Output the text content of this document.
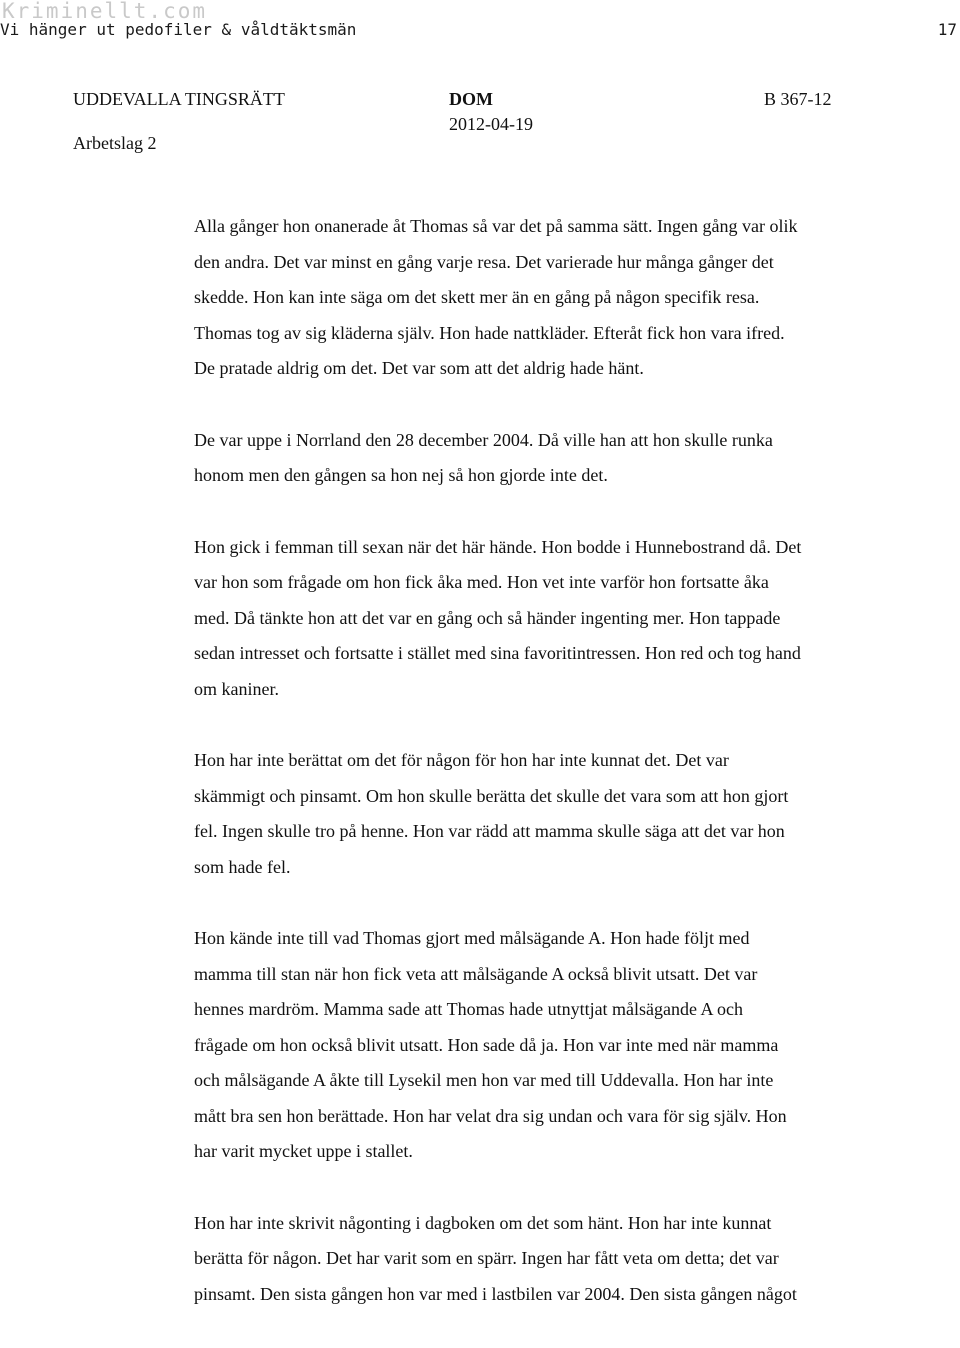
Kriminellt.com
Vi hänger ut pedofiler & våldtäktsmän	17
UDDEVALLA TINGSRÄTT	DOM	B 367-12
2012-04-19
Arbetslag 2
Alla gånger hon onanerade åt Thomas så var det på samma sätt. Ingen gång var olik
den andra. Det var minst en gång varje resa. Det varierade hur många gånger det
skedde. Hon kan inte säga om det skett mer än en gång på någon specifik resa.
Thomas tog av sig kläderna själv. Hon hade nattkläder. Efteråt fick hon vara ifred.
De pratade aldrig om det. Det var som att det aldrig hade hänt.
De var uppe i Norrland den 28 december 2004. Då ville han att hon skulle runka
honom men den gången sa hon nej så hon gjorde inte det.
Hon gick i femman till sexan när det här hände. Hon bodde i Hunnebostrand då. Det
var hon som frågade om hon fick åka med. Hon vet inte varför hon fortsatte åka
med. Då tänkte hon att det var en gång och så händer ingenting mer. Hon tappade
sedan intresset och fortsatte i stället med sina favoritintressen. Hon red och tog hand
om kaniner.
Hon har inte berättat om det för någon för hon har inte kunnat det. Det var
skämmigt och pinsamt. Om hon skulle berätta det skulle det vara som att hon gjort
fel. Ingen skulle tro på henne. Hon var rädd att mamma skulle säga att det var hon
som hade fel.
Hon kände inte till vad Thomas gjort med målsägande A. Hon hade följt med
mamma till stan när hon fick veta att målsägande A också blivit utsatt. Det var
hennes mardröm. Mamma sade att Thomas hade utnyttjat målsägande A och
frågade om hon också blivit utsatt. Hon sade då ja. Hon var inte med när mamma
och målsägande A åkte till Lysekil men hon var med till Uddevalla. Hon har inte
mått bra sen hon berättade. Hon har velat dra sig undan och vara för sig själv. Hon
har varit mycket uppe i stallet.
Hon har inte skrivit någonting i dagboken om det som hänt. Hon har inte kunnat
berätta för någon. Det har varit som en spärr. Ingen har fått veta om detta; det var
pinsamt. Den sista gången hon var med i lastbilen var 2004. Den sista gången något
